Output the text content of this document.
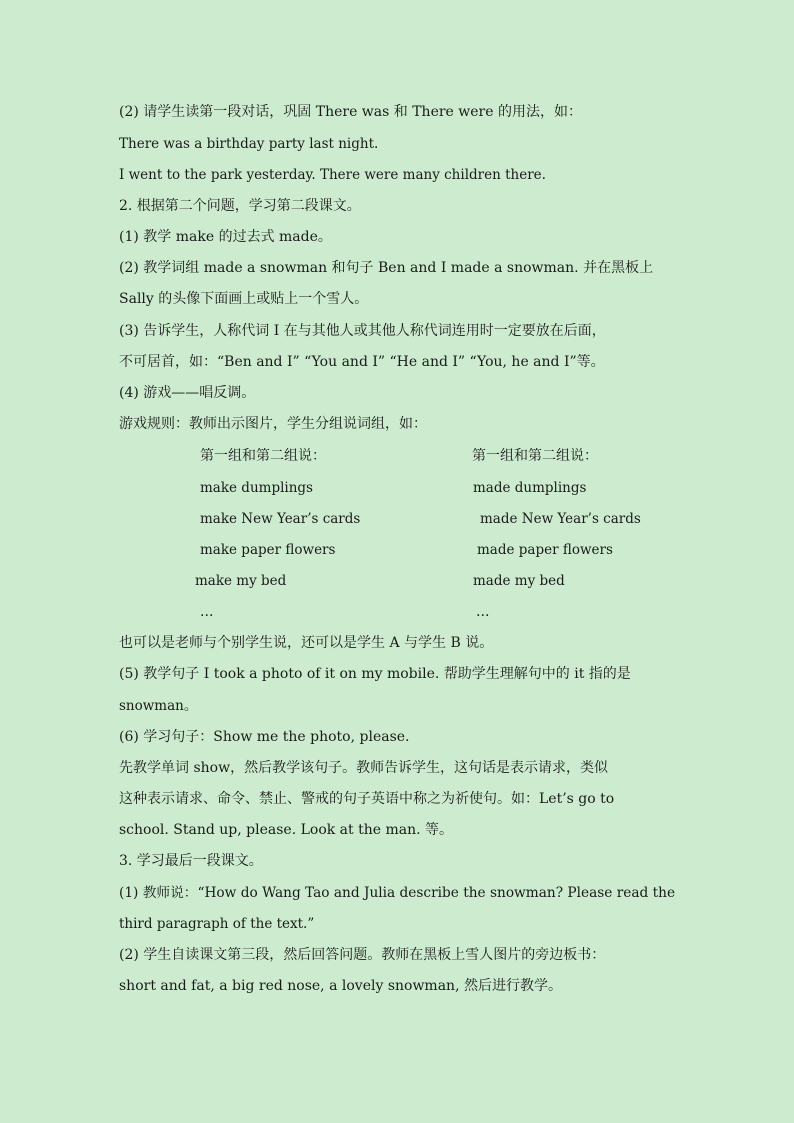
(2) 请学生读第一段对话，巩固 There was 和 There were 的用法，如：
There was a birthday party last night.
I went to the park yesterday. There were many children there.
2. 根据第二个问题，学习第二段课文。
(1) 教学 make 的过去式 made。
(2) 教学词组 made a snowman 和句子 Ben and I made a snowman. 并在黑板上
Sally 的头像下面画上或贴上一个雪人。
(3) 告诉学生，人称代词 I 在与其他人或其他人称代词连用时一定要放在后面，
不可居首，如：“Ben and I” “You and I” “He and I” “You, he and I”等。
(4) 游戏——唱反调。
游戏规则：教师出示图片，学生分组说词组，如：
第一组和第二组说：	第一组和第二组说：
make dumplings
make New Year’s cards
make paper flowers
make my bed
…
made dumplings
made New Year’s cards
made paper flowers
made my bed
…
也可以是老师与个别学生说，还可以是学生 A 与学生 B 说。
(5) 教学句子 I took a photo of it on my mobile. 帮助学生理解句中的 it 指的是
snowman。
(6) 学习句子：Show me the photo, please.
先教学单词 show，然后教学该句子。教师告诉学生，这句话是表示请求，类似
这种表示请求、命令、禁止、警戒的句子英语中称之为祈使句。如：Let’s go to
school. Stand up, please. Look at the man. 等。
3. 学习最后一段课文。
(1) 教师说：“How do Wang Tao and Julia describe the snowman? Please read the
third paragraph of the text.”
(2) 学生自读课文第三段，然后回答问题。教师在黑板上雪人图片的旁边板书：
short and fat, a big red nose, a lovely snowman, 然后进行教学。
